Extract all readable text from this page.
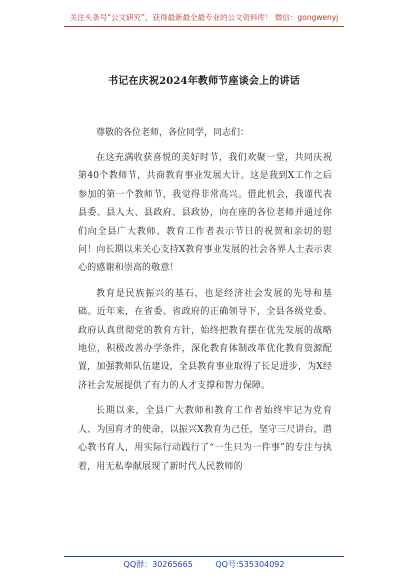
关注头条号“公文研究”，获得最新最全最专业的公文资料库！ 微信：gongwenyj
书记在庆祝2024年教师节座谈会上的讲话

尊敬的各位老师，各位同学，同志们：

在这充满收获喜悦的美好时节，我们欢聚一堂，共同庆祝第40个教师节，共商教育事业发展大计。这是我到X工作之后参加的第一个教师节，我觉得非常高兴。借此机会，我谨代表县委、县人大、县政府、县政协，向在座的各位老师并通过你们向全县广大教师、教育工作者表示节日的祝贺和亲切的慰问！向长期以来关心支持X教育事业发展的社会各界人士表示衷心的感谢和崇高的敬意！

教育是民族振兴的基石，也是经济社会发展的先导和基础。近年来，在省委、省政府的正确领导下，全县各级党委、政府认真贯彻党的教育方针，始终把教育摆在优先发展的战略地位，积极改善办学条件，深化教育体制改革优化教育资源配置，加强教师队伍建设，全县教育事业取得了长足进步，为X经济社会发展提供了有力的人才支撑和智力保障。

长期以来，全县广大教师和教育工作者始终牢记为党育人、为国育才的使命，以振兴X教育为己任，坚守三尺讲台，潜心教书育人，用实际行动践行了“一生只为一件事”的专注与执着，用无私奉献展现了新时代人民教师的

QQ群：30265665	QQ号:535304092
